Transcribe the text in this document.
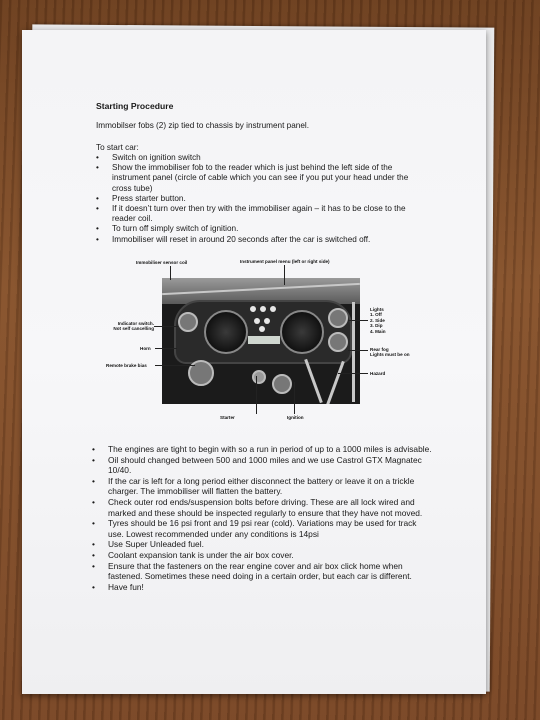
Starting Procedure
Immobilser fobs (2) zip tied to chassis by instrument panel.
To start car:
• Switch on ignition switch
• Show the immobiliser fob to the reader which is just behind the left side of the instrument panel (circle of cable which you can see if you put your head under the cross tube)
• Press starter button.
• If it doesn’t turn over then try with the immobiliser again – it has to be close to the reader coil.
• To turn off simply switch of ignition.
• Immobiliser will reset in around 20 seconds after the car is switched off.
Immobiliser sensor coil	Instrument panel menu (left or right side)
Indicator switch.
Not self cancelling
Horn
Remote brake bias
Lights
1. Off
2. Side
3. Dip
4. Main
Rear fog
Lights must be on
Hazard
Starter	Ignition
• The engines are tight to begin with so a run in period of up to a 1000 miles is advisable.
• Oil should changed between 500 and 1000 miles and we use Castrol GTX Magnatec 10/40.
• If the car is left for a long period either disconnect the battery or leave it on a trickle charger. The immobiliser will flatten the battery.
• Check outer rod ends/suspension bolts before driving. These are all lock wired and marked and these should be inspected regularly to ensure that they have not moved.
• Tyres should be 16 psi front and 19 psi rear (cold). Variations may be used for track use. Lowest recommended under any conditions is 14psi
• Use Super Unleaded fuel.
• Coolant expansion tank is under the air box cover.
• Ensure that the fasteners on the rear engine cover and air box click home when fastened. Sometimes these need doing in a certain order, but each car is different.
• Have fun!
